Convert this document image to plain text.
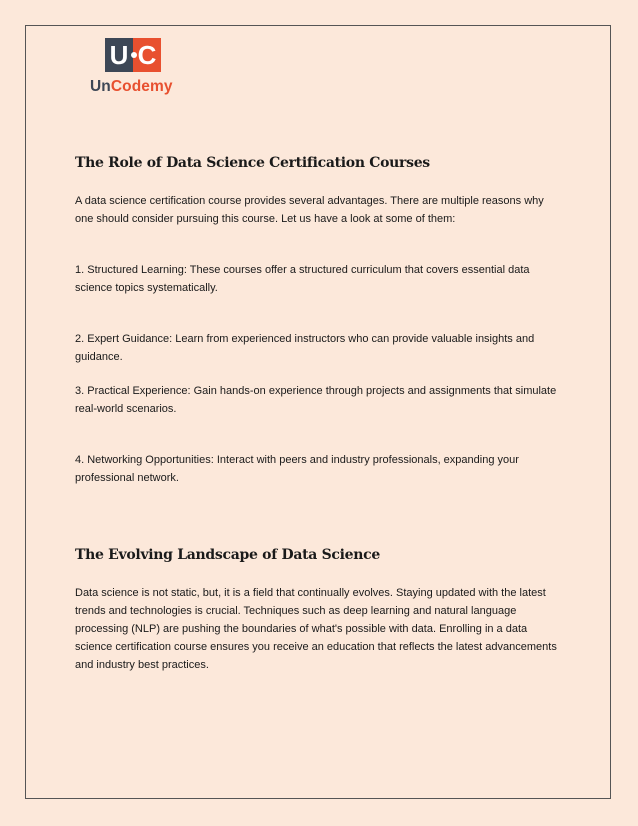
U C
UnCodemy
The Role of Data Science Certification Courses

A data science certification course provides several advantages. There are multiple reasons why one should consider pursuing this course. Let us have a look at some of them:

1. Structured Learning: These courses offer a structured curriculum that covers essential data science topics systematically.

2. Expert Guidance: Learn from experienced instructors who can provide valuable insights and guidance.

3. Practical Experience: Gain hands-on experience through projects and assignments that simulate real-world scenarios.

4. Networking Opportunities: Interact with peers and industry professionals, expanding your professional network.

The Evolving Landscape of Data Science

Data science is not static, but, it is a field that continually evolves. Staying updated with the latest trends and technologies is crucial. Techniques such as deep learning and natural language processing (NLP) are pushing the boundaries of what's possible with data. Enrolling in a data science certification course ensures you receive an education that reflects the latest advancements and industry best practices.
